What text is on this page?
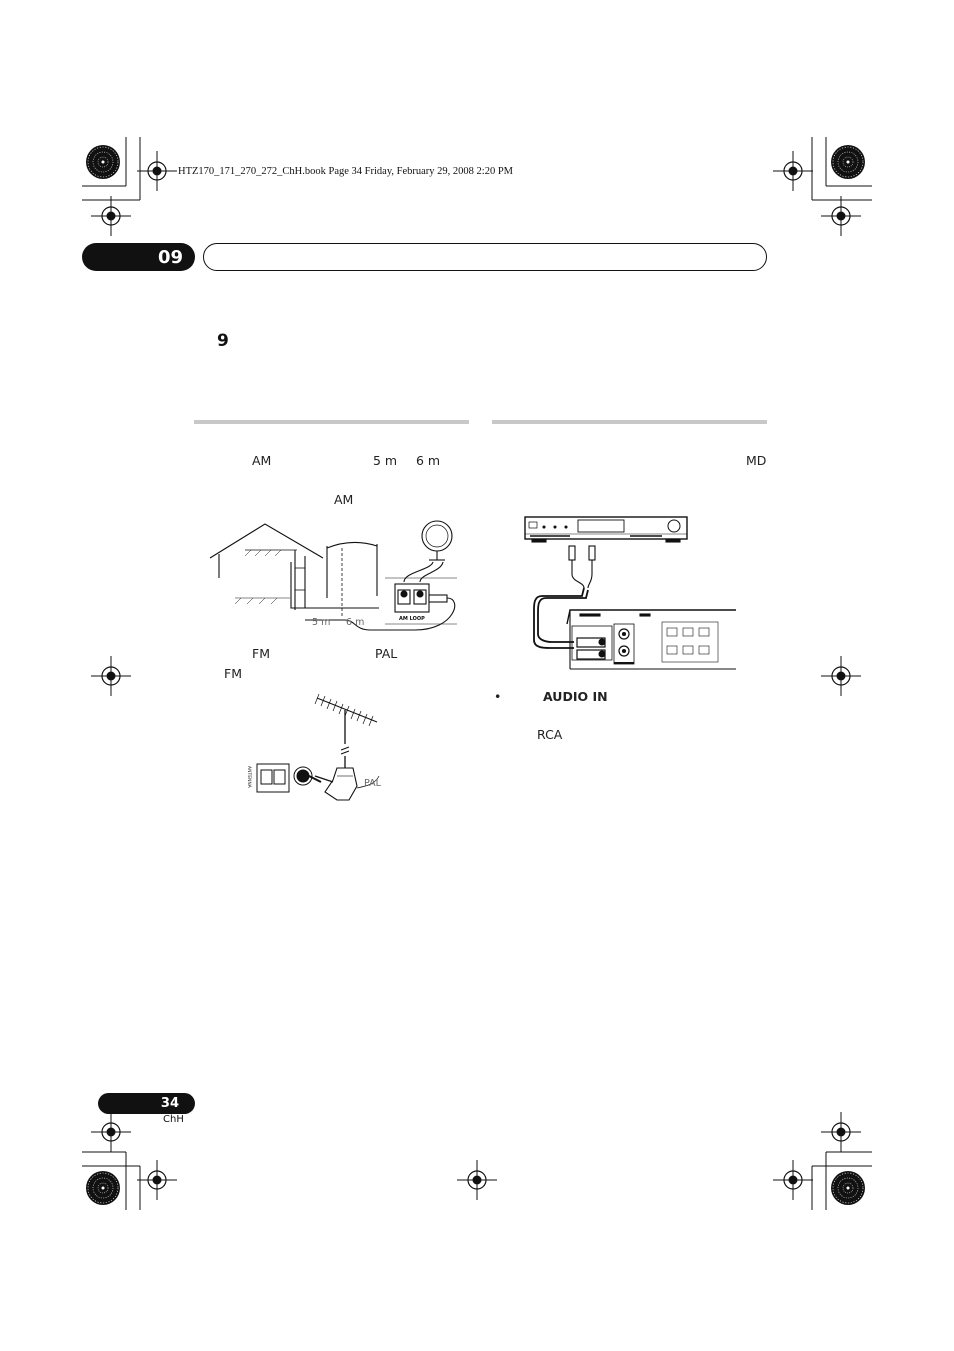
HTZ170_171_270_272_ChH.book Page 34 Friday, February 29, 2008 2:20 PM
09
9
AM	5 m 6 m
AM
5 m 6 m	AM LOOP
FM	PAL
FM
ANTENNA	PAL
MD
•	AUDIO IN
RCA
34
ChH
